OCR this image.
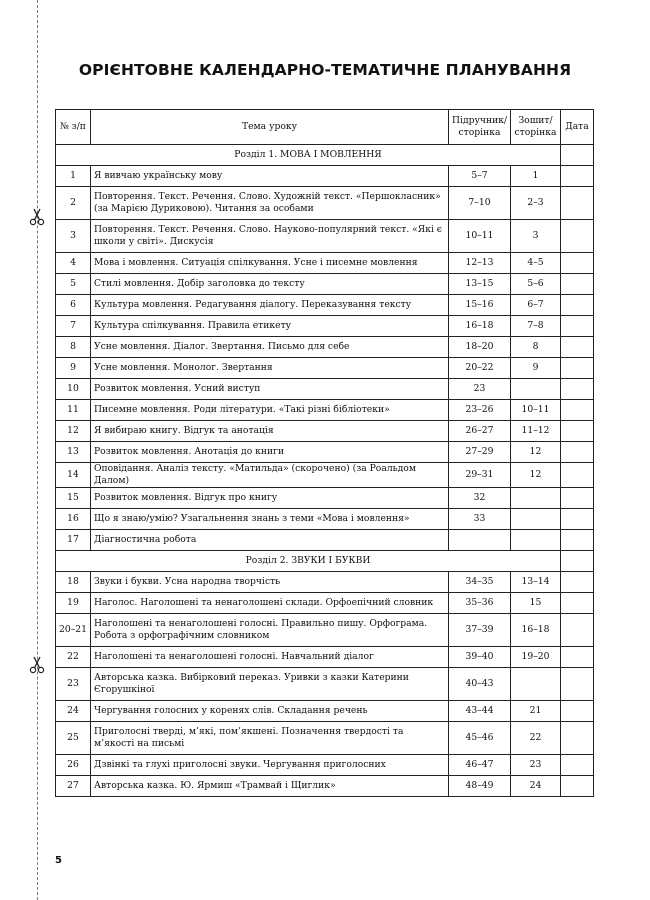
ОРІЄНТОВНЕ КАЛЕНДАРНО-ТЕМАТИЧНЕ ПЛАНУВАННЯ
№ з/п	Тема уроку	Підручник/ сторінка	Зошит/ сторінка	Дата
Розділ 1. МОВА І МОВЛЕННЯ				
1	Я вивчаю українську мову	5–7	1	
2	Повторення. Текст. Речення. Слово. Художній текст. «Першокласник» (за Марією Дуриковою). Читання за особами	7–10	2–3	
3	Повторення. Текст. Речення. Слово. Науково-популярний текст. «Які є школи у світі». Дискусія	10–11	3	
4	Мова і мовлення. Ситуація спілкування. Усне і писемне мовлення	12–13	4–5	
5	Стилі мовлення. Добір заголовка до тексту	13–15	5–6	
6	Культура мовлення. Редагування діалогу. Переказування тексту	15–16	6–7	
7	Культура спілкування. Правила етикету	16–18	7–8	
8	Усне мовлення. Діалог. Звертання. Письмо для себе	18–20	8	
9	Усне мовлення. Монолог. Звертання	20–22	9	
10	Розвиток мовлення. Усний виступ	23		
11	Писемне мовлення. Роди літератури. «Такі різні бібліотеки»	23–26	10–11	
12	Я вибираю книгу. Відгук та анотація	26–27	11–12	
13	Розвиток мовлення. Анотація до книги	27–29	12	
14	Оповідання. Аналіз тексту. «Матильда» (скорочено) (за Роальдом Далом)	29–31	12	
15	Розвиток мовлення. Відгук про книгу	32		
16	Що я знаю/умію? Узагальнення знань з теми «Мова і мовлення»	33		
17	Діагностична робота			
Розділ 2. ЗВУКИ І БУКВИ				
18	Звуки і букви. Усна народна творчість	34–35	13–14	
19	Наголос. Наголошені та ненаголошені склади. Орфоепічний словник	35–36	15	
20–21	Наголошені та ненаголошені голосні. Правильно пишу. Орфограма. Робота з орфографічним словником	37–39	16–18	
22	Наголошені та ненаголошені голосні. Навчальний діалог	39–40	19–20	
23	Авторська казка. Вибірковий переказ. Уривки з казки Катерини Єгорушкіної	40–43		
24	Чергування голосних у коренях слів. Складання речень	43–44	21	
25	Приголосні тверді, м’які, пом’якшені. Позначення твердості та м’якості на письмі	45–46	22	
26	Дзвінкі та глухі приголосні звуки. Чергування приголосних	46–47	23	
27	Авторська казка. Ю. Ярмиш «Трамвай і Щиглик»	48–49	24	
5
